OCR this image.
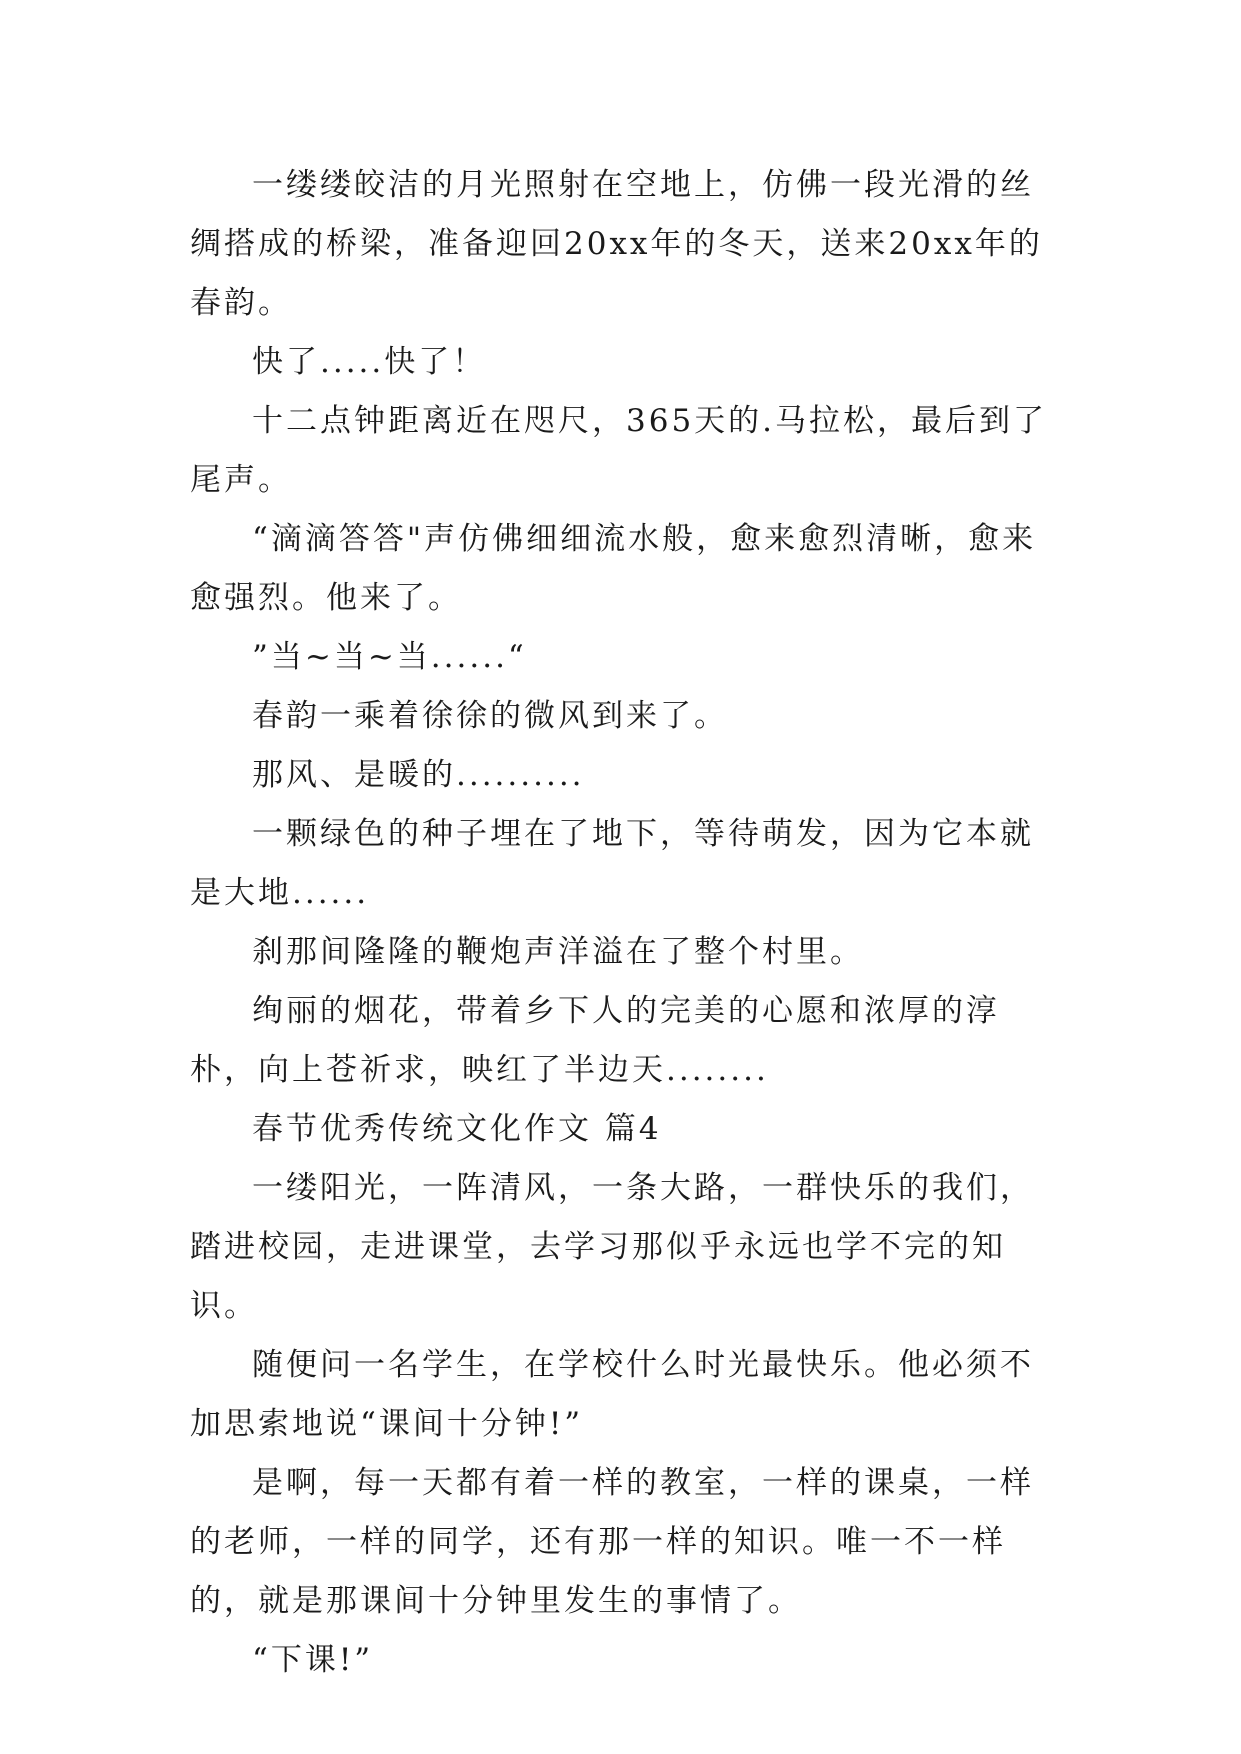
一缕缕皎洁的月光照射在空地上，仿佛一段光滑的丝绸搭成的桥梁，准备迎回20xx年的冬天，送来20xx年的春韵。

快了.....快了！

十二点钟距离近在咫尺，365天的.马拉松，最后到了尾声。

“滴滴答答"声仿佛细细流水般，愈来愈烈清晰，愈来愈强烈。他来了。

”当~当~当......“

春韵一乘着徐徐的微风到来了。

那风、是暖的..........

一颗绿色的种子埋在了地下，等待萌发，因为它本就是大地......

刹那间隆隆的鞭炮声洋溢在了整个村里。

绚丽的烟花，带着乡下人的完美的心愿和浓厚的淳朴，向上苍祈求，映红了半边天........

春节优秀传统文化作文 篇4

一缕阳光，一阵清风，一条大路，一群快乐的我们，踏进校园，走进课堂，去学习那似乎永远也学不完的知识。

随便问一名学生，在学校什么时光最快乐。他必须不加思索地说“课间十分钟!”

是啊，每一天都有着一样的教室，一样的课桌，一样的老师，一样的同学，还有那一样的知识。唯一不一样的，就是那课间十分钟里发生的事情了。

“下课!”
